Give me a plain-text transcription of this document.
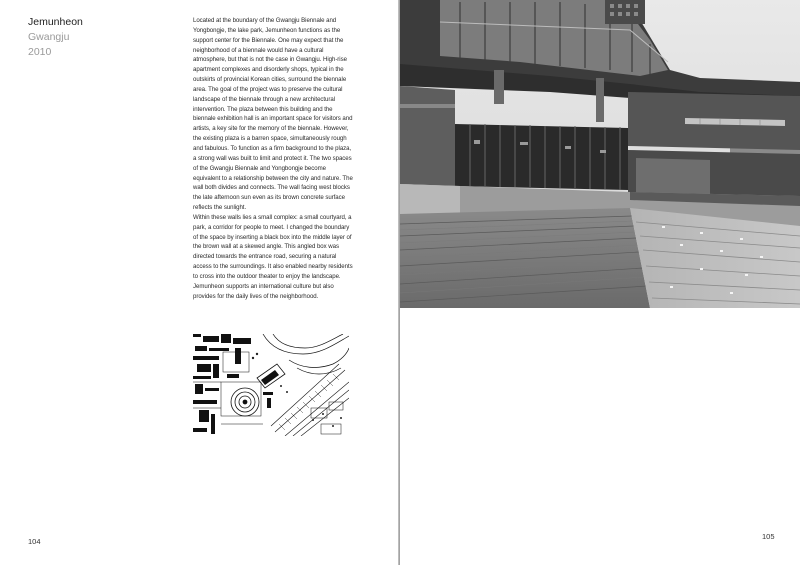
Jemunheon
Gwangju
2010

Located at the boundary of the Gwangju Biennale and Yongbongje, the lake park, Jemunheon functions as the support center for the Biennale. One may expect that the neighborhood of a biennale would have a cultural atmosphere, but that is not the case in Gwangju. High-rise apartment complexes and disorderly shops, typical in the outskirts of provincial Korean cities, surround the biennale area. The goal of the project was to preserve the cultural landscape of the biennale through a new architectural intervention. The plaza between this building and the biennale exhibition hall is an important space for visitors and artists, a key site for the memory of the biennale. However, the existing plaza is a barren space, simultaneously rough and fabulous. To function as a firm background to the plaza, a strong wall was built to limit and protect it. The two spaces of the Gwangju Biennale and Yongbongje become equivalent to a relationship between the city and nature. The wall both divides and connects. The wall facing west blocks the late afternoon sun even as its brown concrete surface reflects the sunlight.

Within these walls lies a small complex: a small courtyard, a park, a corridor for people to meet. I changed the boundary of the space by inserting a black box into the middle layer of the brown wall at a skewed angle. This angled box was directed towards the entrance road, securing a natural access to the surroundings. It also enabled nearby residents to cross into the outdoor theater to enjoy the landscape. Jemunheon supports an international culture but also provides for the daily lives of the neighborhood.

104
105
